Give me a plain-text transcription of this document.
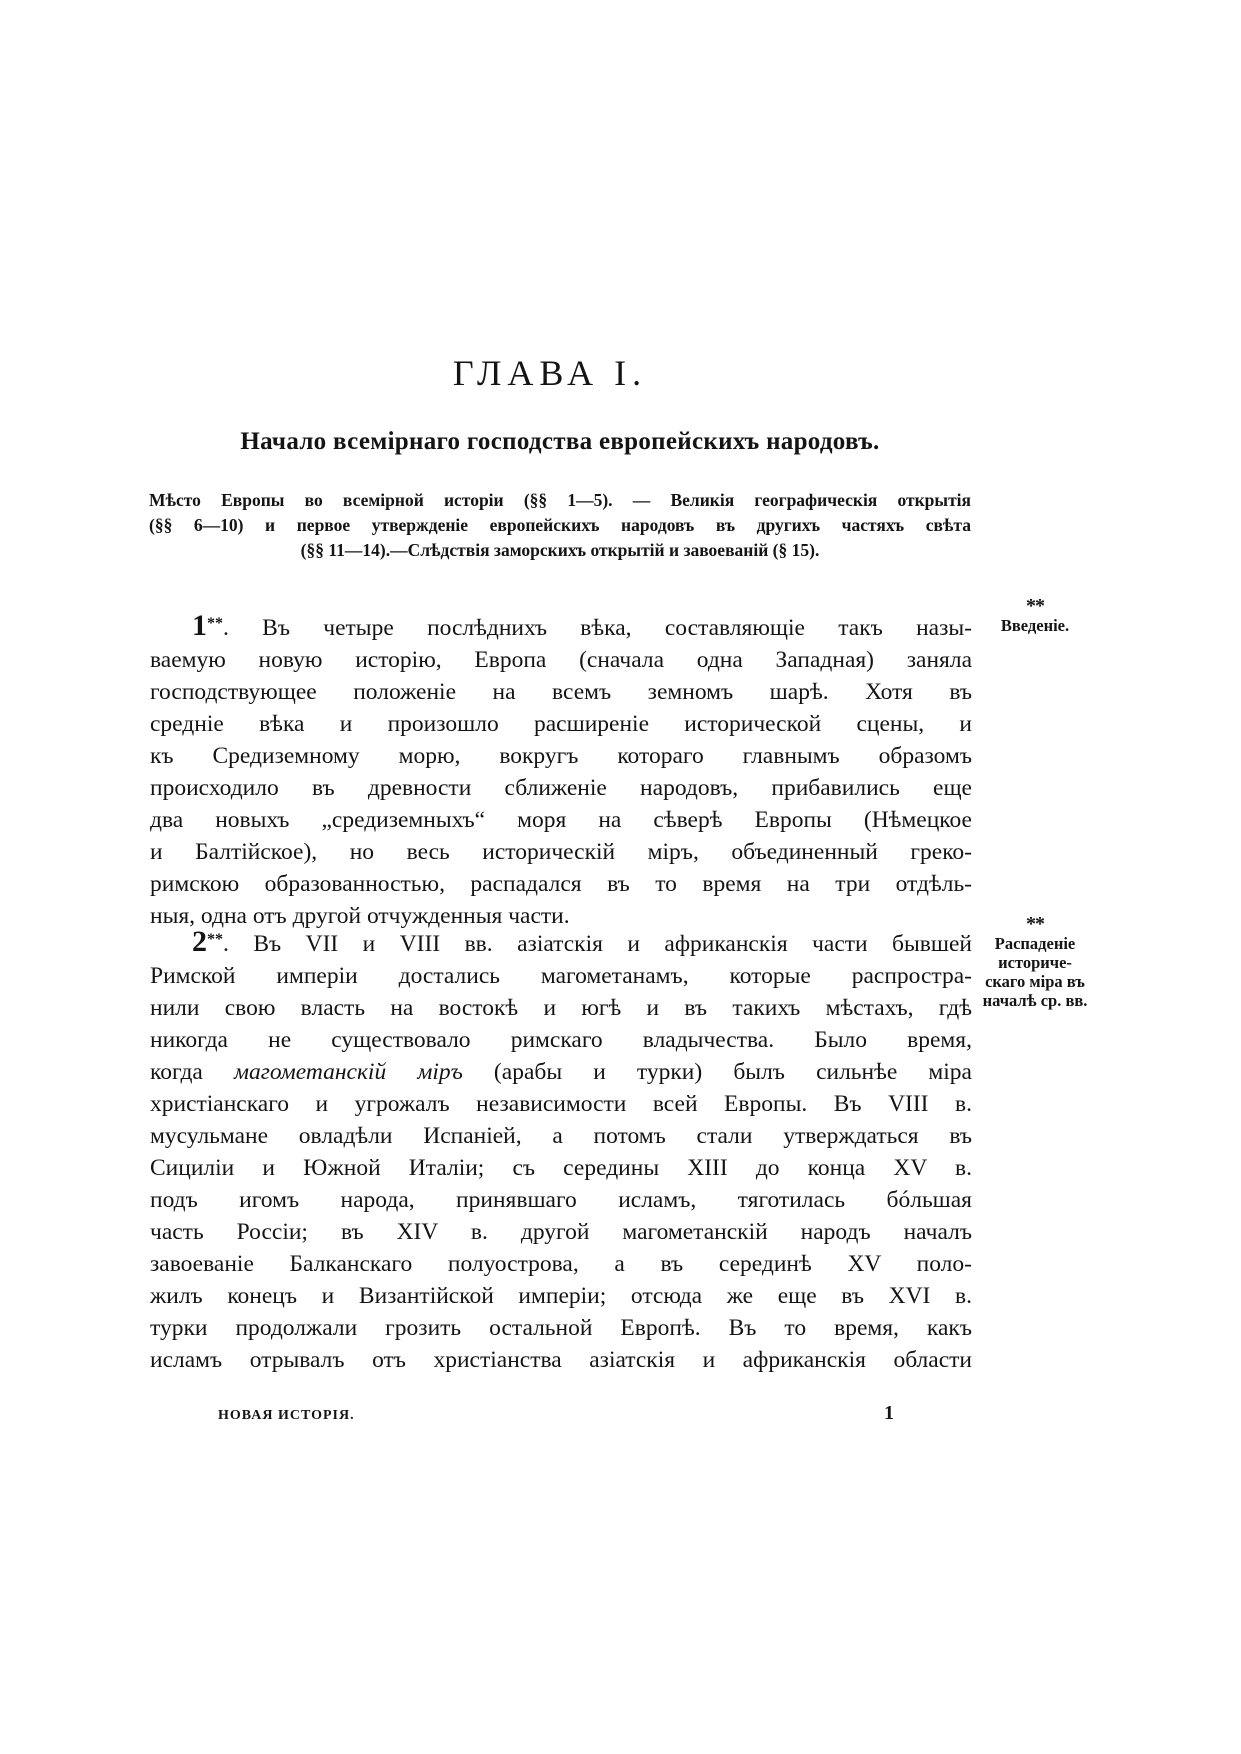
ГЛАВА I.
Начало всемірнаго господства европейскихъ народовъ.
Мѣсто Европы во всемірной исторіи (§§ 1—5). — Великія географическія открытія
(§§ 6—10) и первое утвержденіе европейскихъ народовъ въ другихъ частяхъ свѣта
(§§ 11—14).—Слѣдствія заморскихъ открытій и завоеваній (§ 15).
1**. Въ четыре послѣднихъ вѣка, составляющіе такъ назы-
ваемую новую исторію, Европа (сначала одна Западная) заняла
господствующее положеніе на всемъ земномъ шарѣ. Хотя въ
средніе вѣка и произошло расширеніе исторической сцены, и
къ Средиземному морю, вокругъ котораго главнымъ образомъ
происходило въ древности сближеніе народовъ, прибавились еще
два новыхъ „средиземныхъ“ моря на сѣверѣ Европы (Нѣмецкое
и Балтійское), но весь историческій міръ, объединенный греко-
римскою образованностью, распадался въ то время на три отдѣль-
ныя, одна отъ другой отчужденныя части.
2**. Въ VII и VIII вв. азіатскія и африканскія части бывшей
Римской имперіи достались магометанамъ, которые распростра-
нили свою власть на востокѣ и югѣ и въ такихъ мѣстахъ, гдѣ
никогда не существовало римскаго владычества. Было время,
когда магометанскій міръ (арабы и турки) былъ сильнѣе міра
христіанскаго и угрожалъ независимости всей Европы. Въ VIII в.
мусульмане овладѣли Испаніей, а потомъ стали утверждаться въ
Сициліи и Южной Италіи; съ середины XIII до конца XV в.
подъ игомъ народа, принявшаго исламъ, тяготилась бóльшая
часть Россіи; въ XIV в. другой магометанскій народъ началъ
завоеваніе Балканскаго полуострова, а въ серединѣ XV поло-
жилъ конецъ и Византійской имперіи; отсюда же еще въ XVI в.
турки продолжали грозить остальной Европѣ. Въ то время, какъ
исламъ отрывалъ отъ христіанства азіатскія и африканскія области
**
Введеніе.
**
Распаденіе
историче-
скаго міра въ
началѣ ср. вв.
НОВАЯ ИСТОРІЯ.	1
